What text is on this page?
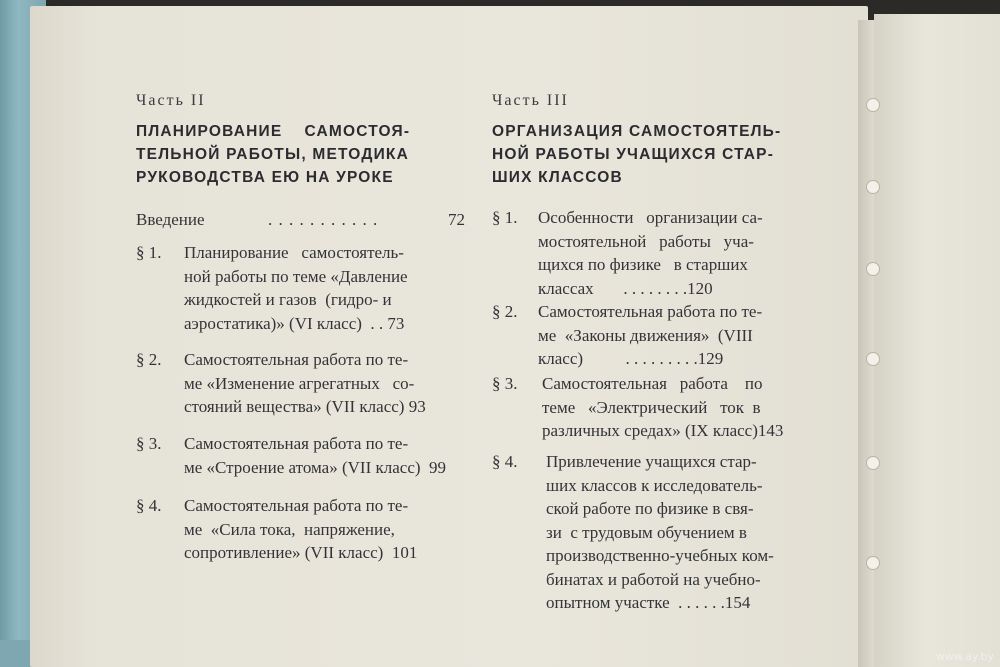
Часть II
ПЛАНИРОВАНИЕ    САМОСТОЯ-
ТЕЛЬНОЙ РАБОТЫ, МЕТОДИКА
РУКОВОДСТВА ЕЮ НА УРОКЕ
Введение	. . . . . . . . . . .	72
§ 1. Планирование   самостоятель-
ной работы по теме «Давление
жидкостей и газов  (гидро- и
аэростатика)» (VI класс)  . . 73
§ 2. Самостоятельная работа по те-
ме «Изменение агрегатных   со-
стояний вещества» (VII класс) 93
§ 3. Самостоятельная работа по те-
ме «Строение атома» (VII класс)  99
§ 4. Самостоятельная работа по те-
ме  «Сила тока,  напряжение,
сопротивление» (VII класс)  101
Часть III
ОРГАНИЗАЦИЯ САМОСТОЯТЕЛЬ-
НОЙ РАБОТЫ УЧАЩИХСЯ СТАР-
ШИХ КЛАССОВ
§ 1. Особенности   организации са-
мостоятельной   работы   уча-
щихся по физике   в старших
классах       . . . . . . . .120
§ 2. Самостоятельная работа по те-
ме  «Законы движения»  (VIII
класс)          . . . . . . . . .129
§ 3. Самостоятельная   работа    по
теме   «Электрический   ток  в
различных средах» (IX класс)143
§ 4. Привлечение учащихся стар-
ших классов к исследователь-
ской работе по физике в свя-
зи  с трудовым обучением в
производственно-учебных ком-
бинатах и работой на учебно-
опытном участке  . . . . . .154
www.ay.by
